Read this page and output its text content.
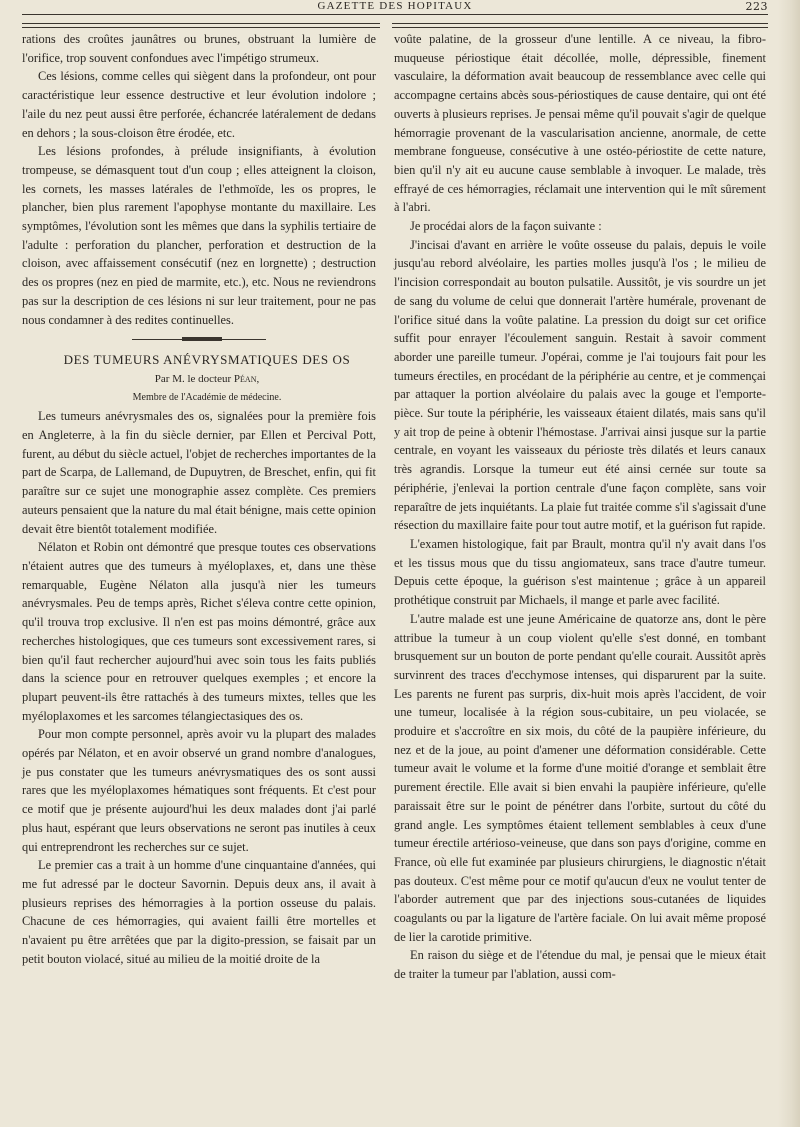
GAZETTE DES HOPITAUX	223

rations des croûtes jaunâtres ou brunes, obstruant la lumière de l'orifice, trop souvent confondues avec l'impétigo strumeux.

Ces lésions, comme celles qui siègent dans la profondeur, ont pour caractéristique leur essence destructive et leur évolution indolore ; l'aile du nez peut aussi être perforée, échancrée latéralement de dedans en dehors ; la sous-cloison être érodée, etc.

Les lésions profondes, à prélude insignifiants, à évolution trompeuse, se démasquent tout d'un coup ; elles atteignent la cloison, les cornets, les masses latérales de l'ethmoïde, les os propres, le plancher, bien plus rarement l'apophyse montante du maxillaire. Les symptômes, l'évolution sont les mêmes que dans la syphilis tertiaire de l'adulte : perforation du plancher, perforation et destruction de la cloison, avec affaissement consécutif (nez en lorgnette) ; destruction des os propres (nez en pied de marmite, etc.), etc. Nous ne reviendrons pas sur la description de ces lésions ni sur leur traitement, pour ne pas nous condamner à des redites continuelles.

DES TUMEURS ANÉVRYSMATIQUES DES OS

Par M. le docteur Péan,

Membre de l'Académie de médecine.

Les tumeurs anévrysmales des os, signalées pour la première fois en Angleterre, à la fin du siècle dernier, par Ellen et Percival Pott, furent, au début du siècle actuel, l'objet de recherches importantes de la part de Scarpa, de Lallemand, de Dupuytren, de Breschet, enfin, qui fit paraître sur ce sujet une monographie assez complète. Ces premiers auteurs pensaient que la nature du mal était bénigne, mais cette opinion devait être bientôt totalement modifiée.

Nélaton et Robin ont démontré que presque toutes ces observations n'étaient autres que des tumeurs à myéloplaxes, et, dans une thèse remarquable, Eugène Nélaton alla jusqu'à nier les tumeurs anévrysmales. Peu de temps après, Richet s'éleva contre cette opinion, qu'il trouva trop exclusive. Il n'en est pas moins démontré, grâce aux recherches histologiques, que ces tumeurs sont excessivement rares, si bien qu'il faut rechercher aujourd'hui avec soin tous les faits publiés dans la science pour en retrouver quelques exemples ; et encore la plupart peuvent-ils être rattachés à des tumeurs mixtes, telles que les myéloplaxomes et les sarcomes télangiectasiques des os.

Pour mon compte personnel, après avoir vu la plupart des malades opérés par Nélaton, et en avoir observé un grand nombre d'analogues, je pus constater que les tumeurs anévrysmatiques des os sont aussi rares que les myéloplaxomes hématiques sont fréquents. Et c'est pour ce motif que je présente aujourd'hui les deux malades dont j'ai parlé plus haut, espérant que leurs observations ne seront pas inutiles à ceux qui entreprendront les recherches sur ce sujet.

Le premier cas a trait à un homme d'une cinquantaine d'années, qui me fut adressé par le docteur Savornin. Depuis deux ans, il avait à plusieurs reprises des hémorragies à la portion osseuse du palais. Chacune de ces hémorragies, qui avaient failli être mortelles et n'avaient pu être arrêtées que par la digito-pression, se faisait par un petit bouton violacé, situé au milieu de la moitié droite de la

voûte palatine, de la grosseur d'une lentille. A ce niveau, la fibro-muqueuse périostique était décollée, molle, dépressible, finement vasculaire, la déformation avait beaucoup de ressemblance avec celle qui accompagne certains abcès sous-périostiques de cause dentaire, qui ont été ouverts à plusieurs reprises. Je pensai même qu'il pouvait s'agir de quelque hémorragie provenant de la vascularisation ancienne, anormale, de cette membrane fongueuse, consécutive à une ostéo-périostite de cette nature, bien qu'il n'y ait eu aucune cause semblable à invoquer. Le malade, très effrayé de ces hémorragies, réclamait une intervention qui le mît sûrement à l'abri.

Je procédai alors de la façon suivante :

J'incisai d'avant en arrière le voûte osseuse du palais, depuis le voile jusqu'au rebord alvéolaire, les parties molles jusqu'à l'os ; le milieu de l'incision correspondait au bouton pulsatile. Aussitôt, je vis sourdre un jet de sang du volume de celui que donnerait l'artère humérale, provenant de l'orifice situé dans la voûte palatine. La pression du doigt sur cet orifice suffit pour enrayer l'écoulement sanguin. Restait à savoir comment aborder une pareille tumeur. J'opérai, comme je l'ai toujours fait pour les tumeurs érectiles, en procédant de la périphérie au centre, et je commençai par attaquer la portion alvéolaire du palais avec la gouge et l'emporte-pièce. Sur toute la périphérie, les vaisseaux étaient dilatés, mais sans qu'il y ait trop de peine à obtenir l'hémostase. J'arrivai ainsi jusque sur la partie centrale, en voyant les vaisseaux du périoste très dilatés et leurs canaux très agrandis. Lorsque la tumeur eut été ainsi cernée sur toute sa périphérie, j'enlevai la portion centrale d'une façon complète, sans voir reparaître de jets inquiétants. La plaie fut traitée comme s'il s'agissait d'une résection du maxillaire faite pour tout autre motif, et la guérison fut rapide.

L'examen histologique, fait par Brault, montra qu'il n'y avait dans l'os et les tissus mous que du tissu angiomateux, sans trace d'autre tumeur. Depuis cette époque, la guérison s'est maintenue ; grâce à un appareil prothétique construit par Michaels, il mange et parle avec facilité.

L'autre malade est une jeune Américaine de quatorze ans, dont le père attribue la tumeur à un coup violent qu'elle s'est donné, en tombant brusquement sur un bouton de porte pendant qu'elle courait. Aussitôt après survinrent des traces d'ecchymose intenses, qui disparurent par la suite. Les parents ne furent pas surpris, dix-huit mois après l'accident, de voir une tumeur, localisée à la région sous-cubitaire, un peu violacée, se produire et s'accroître en six mois, du côté de la paupière inférieure, du nez et de la joue, au point d'amener une déformation considérable. Cette tumeur avait le volume et la forme d'une moitié d'orange et semblait être purement érectile. Elle avait si bien envahi la paupière inférieure, qu'elle paraissait être sur le point de pénétrer dans l'orbite, surtout du côté du grand angle. Les symptômes étaient tellement semblables à ceux d'une tumeur érectile artérioso-veineuse, que dans son pays d'origine, comme en France, où elle fut examinée par plusieurs chirurgiens, le diagnostic n'était pas douteux. C'est même pour ce motif qu'aucun d'eux ne voulut tenter de l'aborder autrement que par des injections sous-cutanées de liquides coagulants ou par la ligature de l'artère faciale. On lui avait même proposé de lier la carotide primitive.

En raison du siège et de l'étendue du mal, je pensai que le mieux était de traiter la tumeur par l'ablation, aussi com-
